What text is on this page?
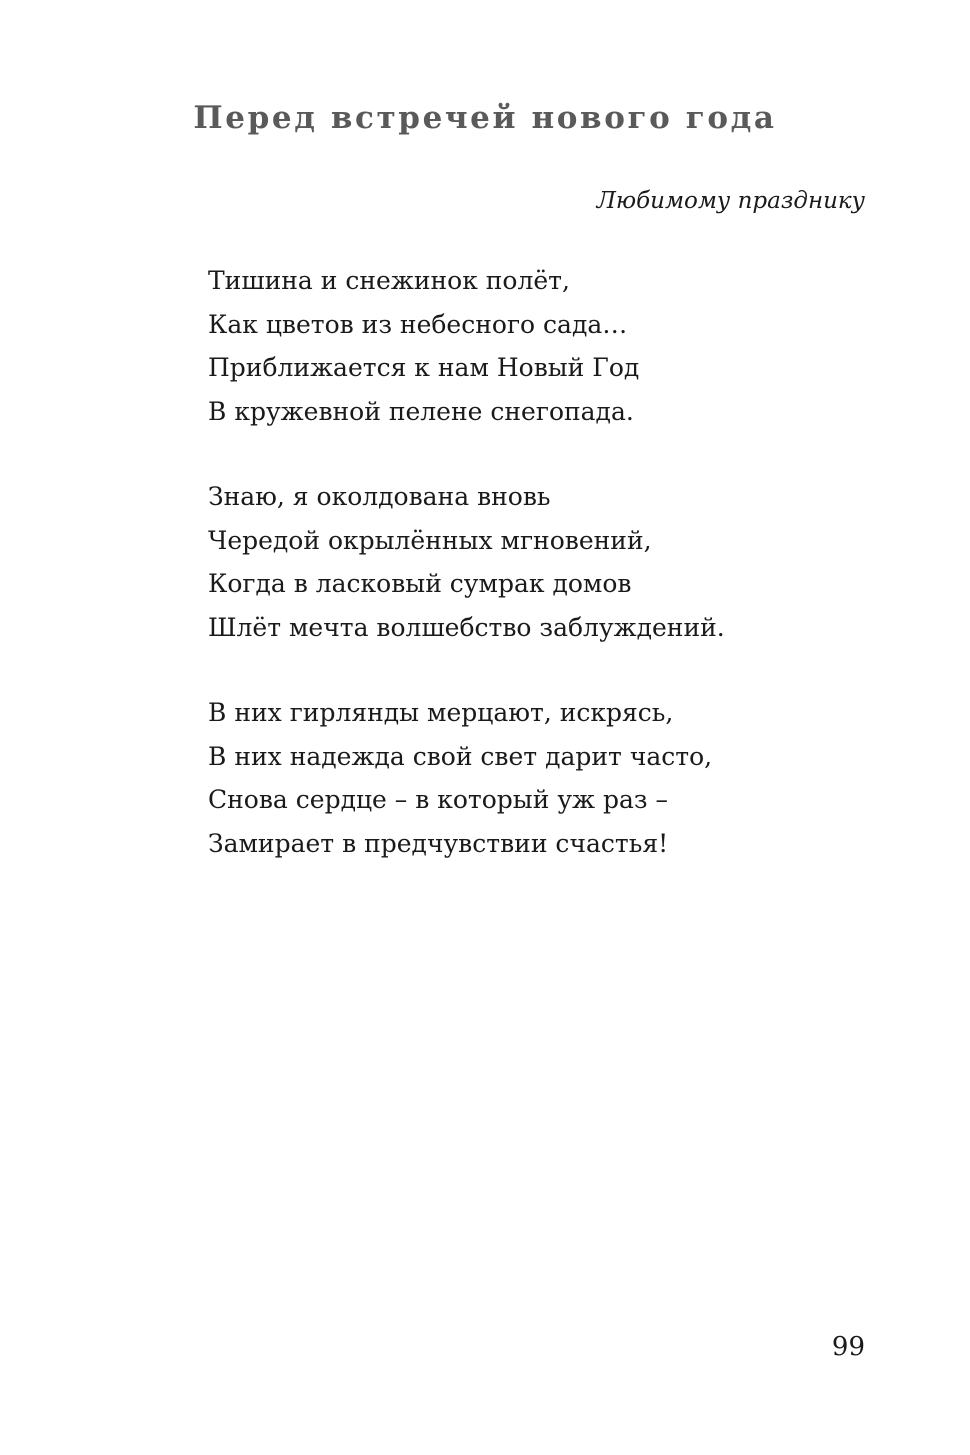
Перед встречей нового года

Любимому празднику

Тишина и снежинок полёт,
Как цветов из небесного сада…
Приближается к нам Новый Год
В кружевной пелене снегопада.
Знаю, я околдована вновь
Чередой окрылённых мгновений,
Когда в ласковый сумрак домов
Шлёт мечта волшебство заблуждений.
В них гирлянды мерцают, искрясь,
В них надежда свой свет дарит часто,
Снова сердце – в который уж раз –
Замирает в предчувствии счастья!

99
